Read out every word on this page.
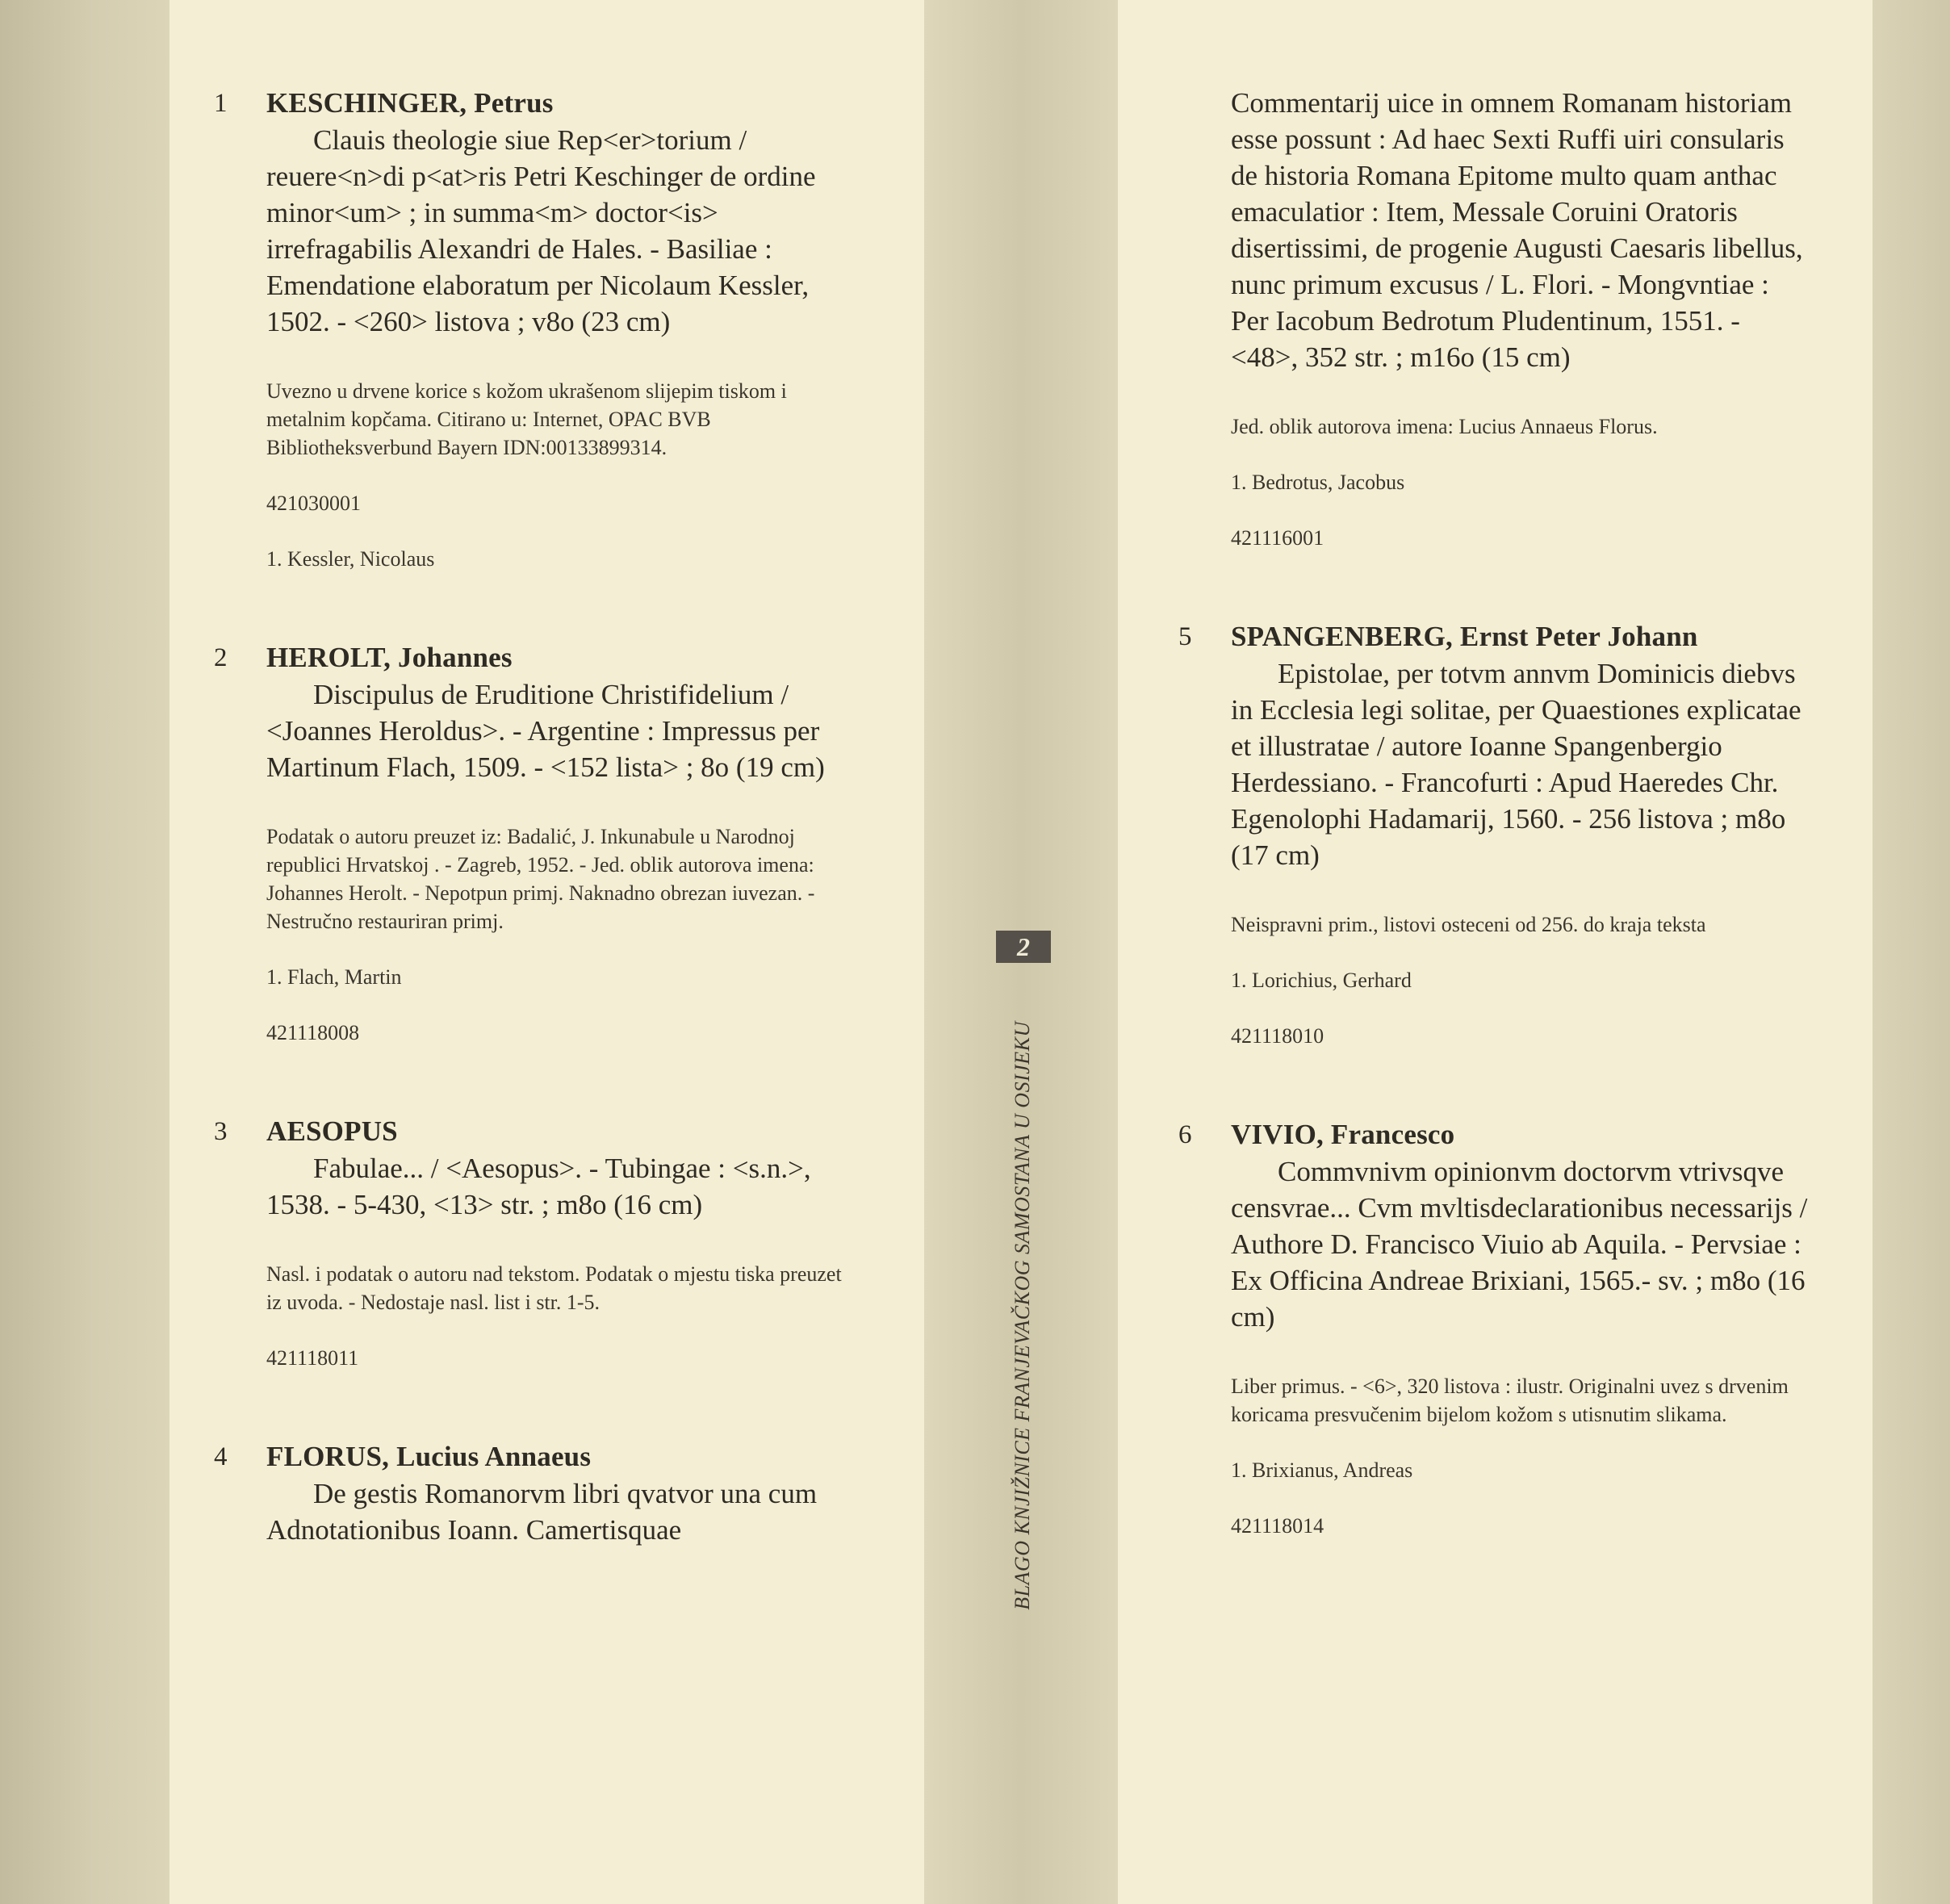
2
BLAGO KNJIŽNICE FRANJEVAČKOG SAMOSTANA U OSIJEKU
1 KESCHINGER, Petrus

Clauis theologie siue Rep<er>torium / reuere<n>di p<at>ris Petri Keschinger de ordine minor<um> ; in summa<m> doctor<is> irrefragabilis Alexandri de Hales. - Basiliae : Emendatione elaboratum per Nicolaum Kessler, 1502. - <260> listova ; v8o (23 cm)

Uvezno u drvene korice s kožom ukrašenom slijepim tiskom i metalnim kopčama. Citirano u: Internet, OPAC BVB Bibliotheksverbund Bayern IDN:00133899314.

421030001

1. Kessler, Nicolaus

2 HEROLT, Johannes

Discipulus de Eruditione Christifidelium / <Joannes Heroldus>. - Argentine : Impressus per Martinum Flach, 1509. - <152 lista> ; 8o (19 cm)

Podatak o autoru preuzet iz: Badalić, J. Inkunabule u Narodnoj republici Hrvatskoj . - Zagreb, 1952. - Jed. oblik autorova imena: Johannes Herolt. - Nepotpun primj. Naknadno obrezan iuvezan. - Nestručno restauriran primj.

1. Flach, Martin

421118008

3 AESOPUS

Fabulae... / <Aesopus>. - Tubingae : <s.n.>, 1538. - 5-430, <13> str. ; m8o (16 cm)

Nasl. i podatak o autoru nad tekstom. Podatak o mjestu tiska preuzet iz uvoda. - Nedostaje nasl. list i str. 1-5.

421118011

4 FLORUS, Lucius Annaeus

De gestis Romanorvm libri qvatvor una cum Adnotationibus Ioann. Camertisquae

Commentarij uice in omnem Romanam historiam esse possunt : Ad haec Sexti Ruffi uiri consularis de historia Romana Epitome multo quam anthac emaculatior : Item, Messale Coruini Oratoris disertissimi, de progenie Augusti Caesaris libellus, nunc primum excusus / L. Flori. - Mongvntiae : Per Iacobum Bedrotum Pludentinum, 1551. - <48>, 352 str. ; m16o (15 cm)

Jed. oblik autorova imena: Lucius Annaeus Florus.

1. Bedrotus, Jacobus

421116001

5 SPANGENBERG, Ernst Peter Johann

Epistolae, per totvm annvm Dominicis diebvs in Ecclesia legi solitae, per Quaestiones explicatae et illustratae / autore Ioanne Spangenbergio Herdessiano. - Francofurti : Apud Haeredes Chr. Egenolophi Hadamarij, 1560. - 256 listova ; m8o (17 cm)

Neispravni prim., listovi osteceni od 256. do kraja teksta

1. Lorichius, Gerhard

421118010

6 VIVIO, Francesco

Commvnivm opinionvm doctorvm vtrivsqve censvrae... Cvm mvltisdeclarationibus necessarijs / Authore D. Francisco Viuio ab Aquila. - Pervsiae : Ex Officina Andreae Brixiani, 1565.- sv. ; m8o (16 cm)

Liber primus. - <6>, 320 listova : ilustr. Originalni uvez s drvenim koricama presvučenim bijelom kožom s utisnutim slikama.

1. Brixianus, Andreas

421118014
